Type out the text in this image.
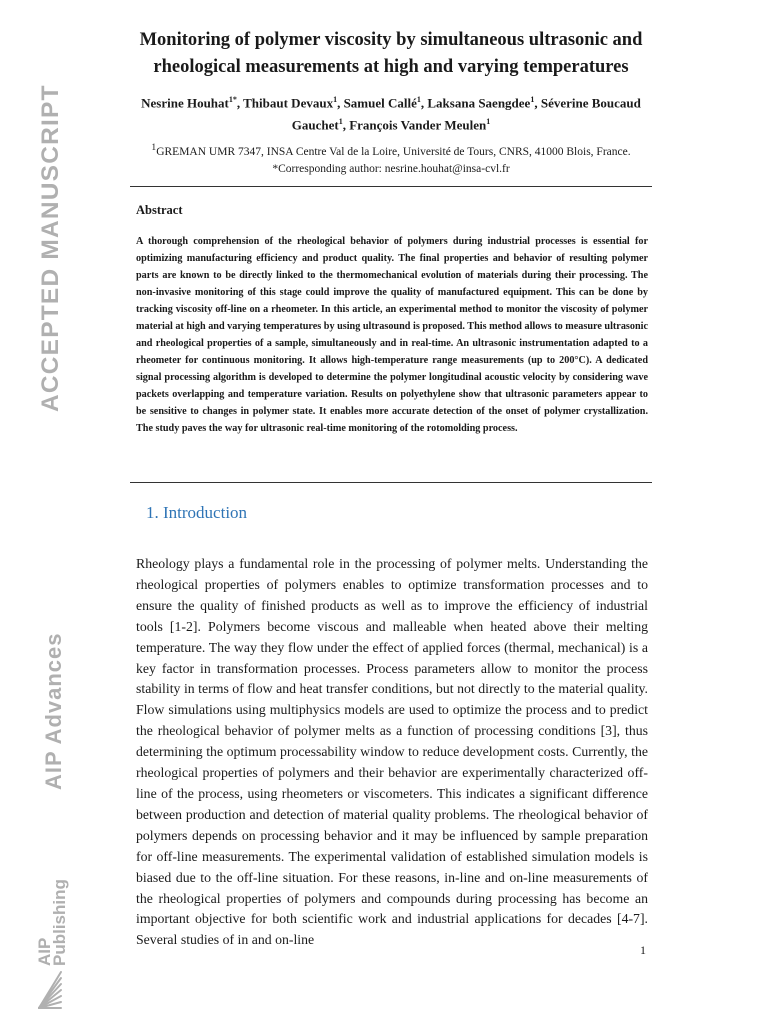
ACCEPTED MANUSCRIPT
AIP Advances
AIP
Publishing
Monitoring of polymer viscosity by simultaneous ultrasonic and rheological measurements at high and varying temperatures

Nesrine Houhat$^{1*}$, Thibaut Devaux$^1$, Samuel Callé$^1$, Laksana Saengdee$^1$, Séverine Boucaud Gauchet$^1$, François Vander Meulen$^1$

$^1$GREMAN UMR 7347, INSA Centre Val de la Loire, Université de Tours, CNRS, 41000 Blois, France.
*Corresponding author: nesrine.houhat@insa-cvl.fr

Abstract

A thorough comprehension of the rheological behavior of polymers during industrial processes is essential for optimizing manufacturing efficiency and product quality. The final properties and behavior of resulting polymer parts are known to be directly linked to the thermomechanical evolution of materials during their processing. The non-invasive monitoring of this stage could improve the quality of manufactured equipment. This can be done by tracking viscosity off-line on a rheometer. In this article, an experimental method to monitor the viscosity of polymer material at high and varying temperatures by using ultrasound is proposed. This method allows to measure ultrasonic and rheological properties of a sample, simultaneously and in real-time. An ultrasonic instrumentation adapted to a rheometer for continuous monitoring. It allows high-temperature range measurements (up to 200°C). A dedicated signal processing algorithm is developed to determine the polymer longitudinal acoustic velocity by considering wave packets overlapping and temperature variation. Results on polyethylene show that ultrasonic parameters appear to be sensitive to changes in polymer state. It enables more accurate detection of the onset of polymer crystallization. The study paves the way for ultrasonic real-time monitoring of the rotomolding process.

1. Introduction

Rheology plays a fundamental role in the processing of polymer melts. Understanding the rheological properties of polymers enables to optimize transformation processes and to ensure the quality of finished products as well as to improve the efficiency of industrial tools [1-2]. Polymers become viscous and malleable when heated above their melting temperature. The way they flow under the effect of applied forces (thermal, mechanical) is a key factor in transformation processes. Process parameters allow to monitor the process stability in terms of flow and heat transfer conditions, but not directly to the material quality. Flow simulations using multiphysics models are used to optimize the process and to predict the rheological behavior of polymer melts as a function of processing conditions [3], thus determining the optimum processability window to reduce development costs. Currently, the rheological properties of polymers and their behavior are experimentally characterized off-line of the process, using rheometers or viscometers. This indicates a significant difference between production and detection of material quality problems. The rheological behavior of polymers depends on processing behavior and it may be influenced by sample preparation for off-line measurements. The experimental validation of established simulation models is biased due to the off-line situation. For these reasons, in-line and on-line measurements of the rheological properties of polymers and compounds during processing has become an important objective for both scientific work and industrial applications for decades [4-7]. Several studies of in and on-line

1
